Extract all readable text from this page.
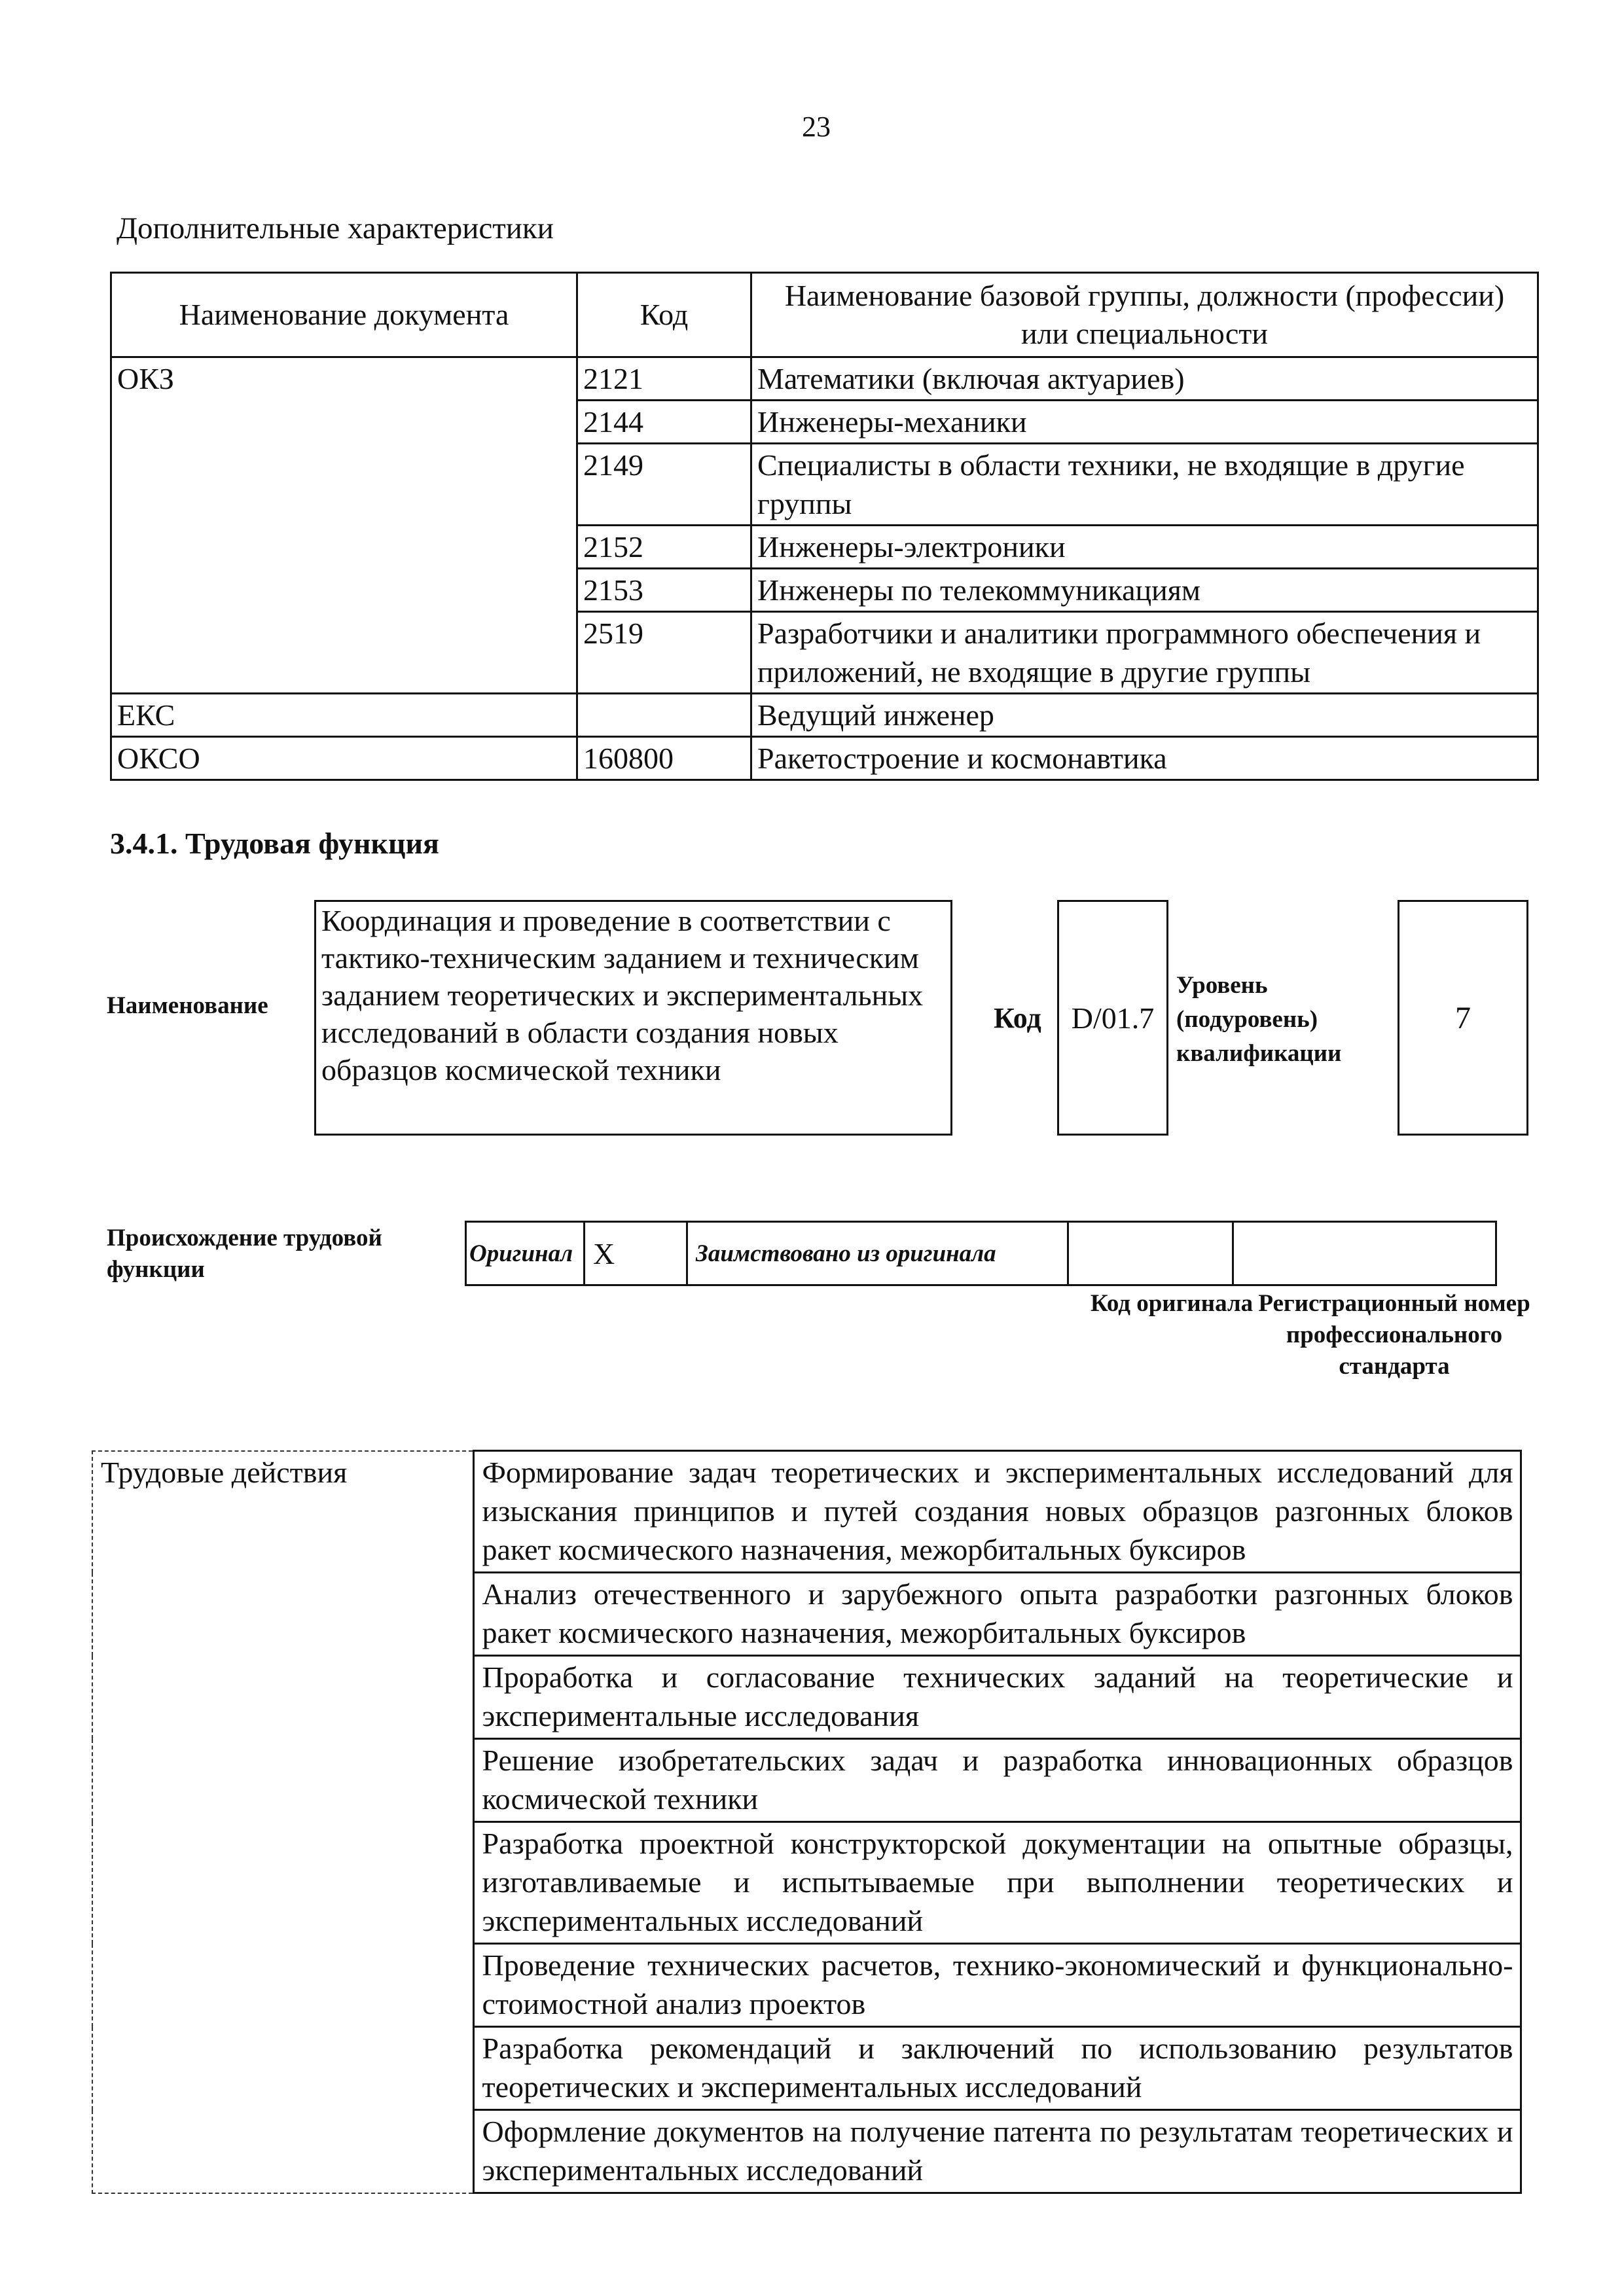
23
Дополнительные характеристики
Наименование документа	Код	Наименование базовой группы, должности (профессии) или специальности
ОКЗ	2121	Математики (включая актуариев)
	2144	Инженеры-механики
	2149	Специалисты в области техники, не входящие в другие группы
	2152	Инженеры-электроники
	2153	Инженеры по телекоммуникациям
	2519	Разработчики и аналитики программного обеспечения и приложений, не входящие в другие группы
ЕКС		Ведущий инженер
ОКСО	160800	Ракетостроение и космонавтика
3.4.1. Трудовая функция
Наименование
Координация и проведение в соответствии с тактико-техническим заданием и техническим заданием теоретических и экспериментальных исследований в области создания новых образцов космической техники
Код	D/01.7
Уровень (подуровень) квалификации
7
Происхождение трудовой функции
Оригинал	X	Заимствовано из оригинала		
Код оригинала Регистрационный номер профессионального стандарта
Трудовые действия	Формирование задач теоретических и экспериментальных исследований для изыскания принципов и путей создания новых образцов разгонных блоков ракет космического назначения, межорбитальных буксиров
Анализ отечественного и зарубежного опыта разработки разгонных блоков ракет космического назначения, межорбитальных буксиров
Проработка и согласование технических заданий на теоретические и экспериментальные исследования
Решение изобретательских задач и разработка инновационных образцов космической техники
Разработка проектной конструкторской документации на опытные образцы, изготавливаемые и испытываемые при выполнении теоретических и экспериментальных исследований
Проведение технических расчетов, технико-экономический и функционально-стоимостной анализ проектов
Разработка рекомендаций и заключений по использованию результатов теоретических и экспериментальных исследований
Оформление документов на получение патента по результатам теоретических и экспериментальных исследований
